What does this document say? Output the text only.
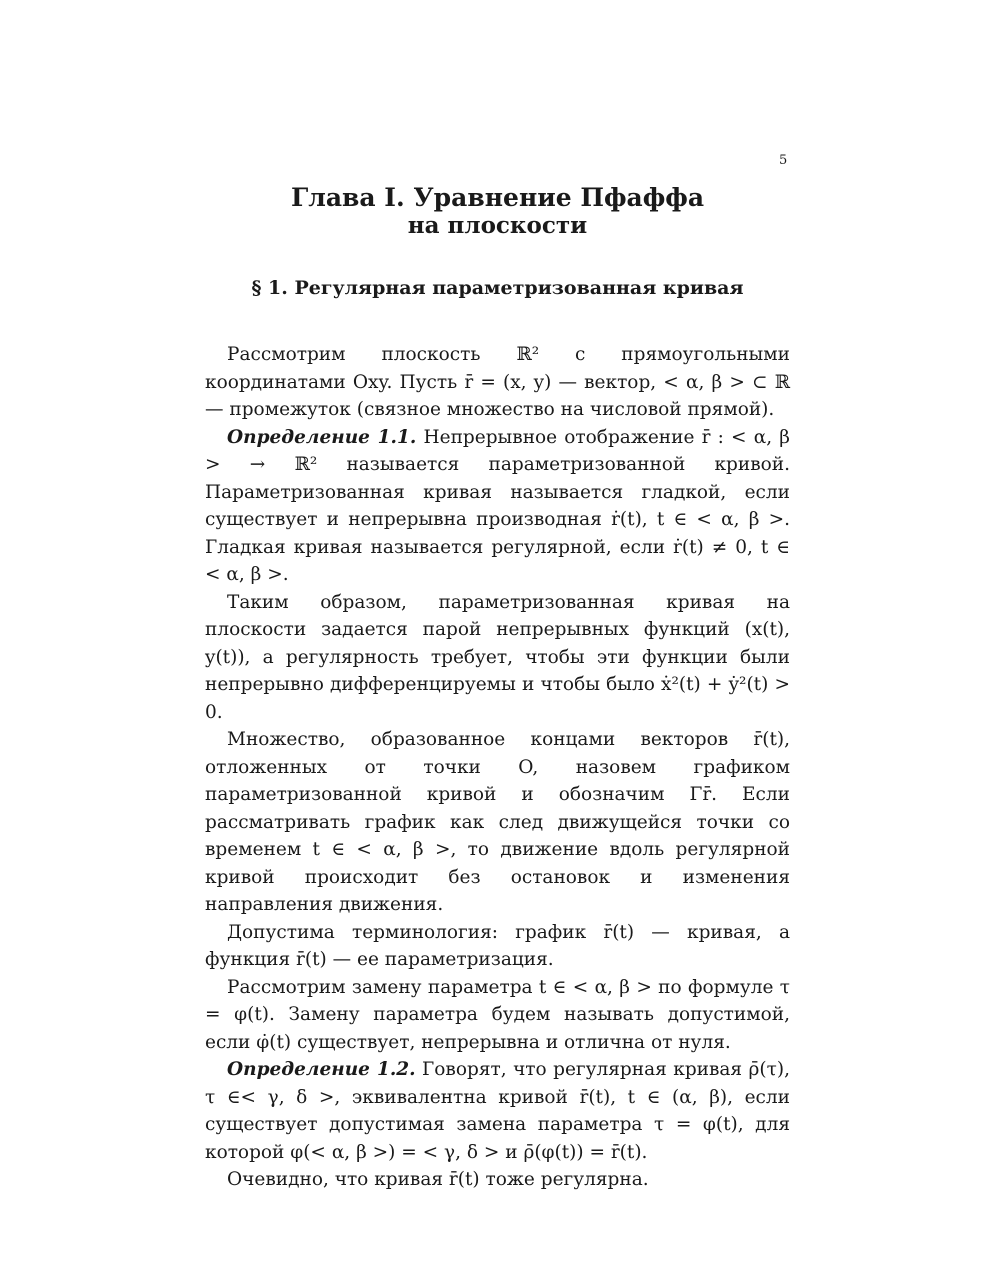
5
Глава I. Уравнение Пфаффа
на плоскости
§ 1. Регулярная параметризованная кривая

Рассмотрим плоскость ℝ² с прямоугольными координатами Oxy. Пусть r̄ = (x, y) — вектор, < α, β > ⊂ ℝ — промежуток (связное множество на числовой прямой).

Определение 1.1. Непрерывное отображение r̄ : < α, β > → ℝ² называется параметризованной кривой. Параметризованная кривая называется гладкой, если существует и непрерывна производная ṙ(t), t ∈ < α, β >. Гладкая кривая называется регулярной, если ṙ(t) ≠ 0, t ∈ < α, β >.

Таким образом, параметризованная кривая на плоскости задается парой непрерывных функций (x(t), y(t)), а регулярность требует, чтобы эти функции были непрерывно дифференцируемы и чтобы было ẋ²(t) + ẏ²(t) > 0.

Множество, образованное концами векторов r̄(t), отложенных от точки O, назовем графиком параметризованной кривой и обозначим Γr̄. Если рассматривать график как след движущейся точки со временем t ∈ < α, β >, то движение вдоль регулярной кривой происходит без остановок и изменения направления движения.

Допустима терминология: график r̄(t) — кривая, а функция r̄(t) — ее параметризация.

Рассмотрим замену параметра t ∈ < α, β > по формуле τ = φ(t). Замену параметра будем называть допустимой, если φ̇(t) существует, непрерывна и отлична от нуля.

Определение 1.2. Говорят, что регулярная кривая ρ̄(τ), τ ∈< γ, δ >, эквивалентна кривой r̄(t), t ∈ (α, β), если существует допустимая замена параметра τ = φ(t), для которой φ(< α, β >) = < γ, δ > и ρ̄(φ(t)) = r̄(t).

Очевидно, что кривая r̄(t) тоже регулярна.
